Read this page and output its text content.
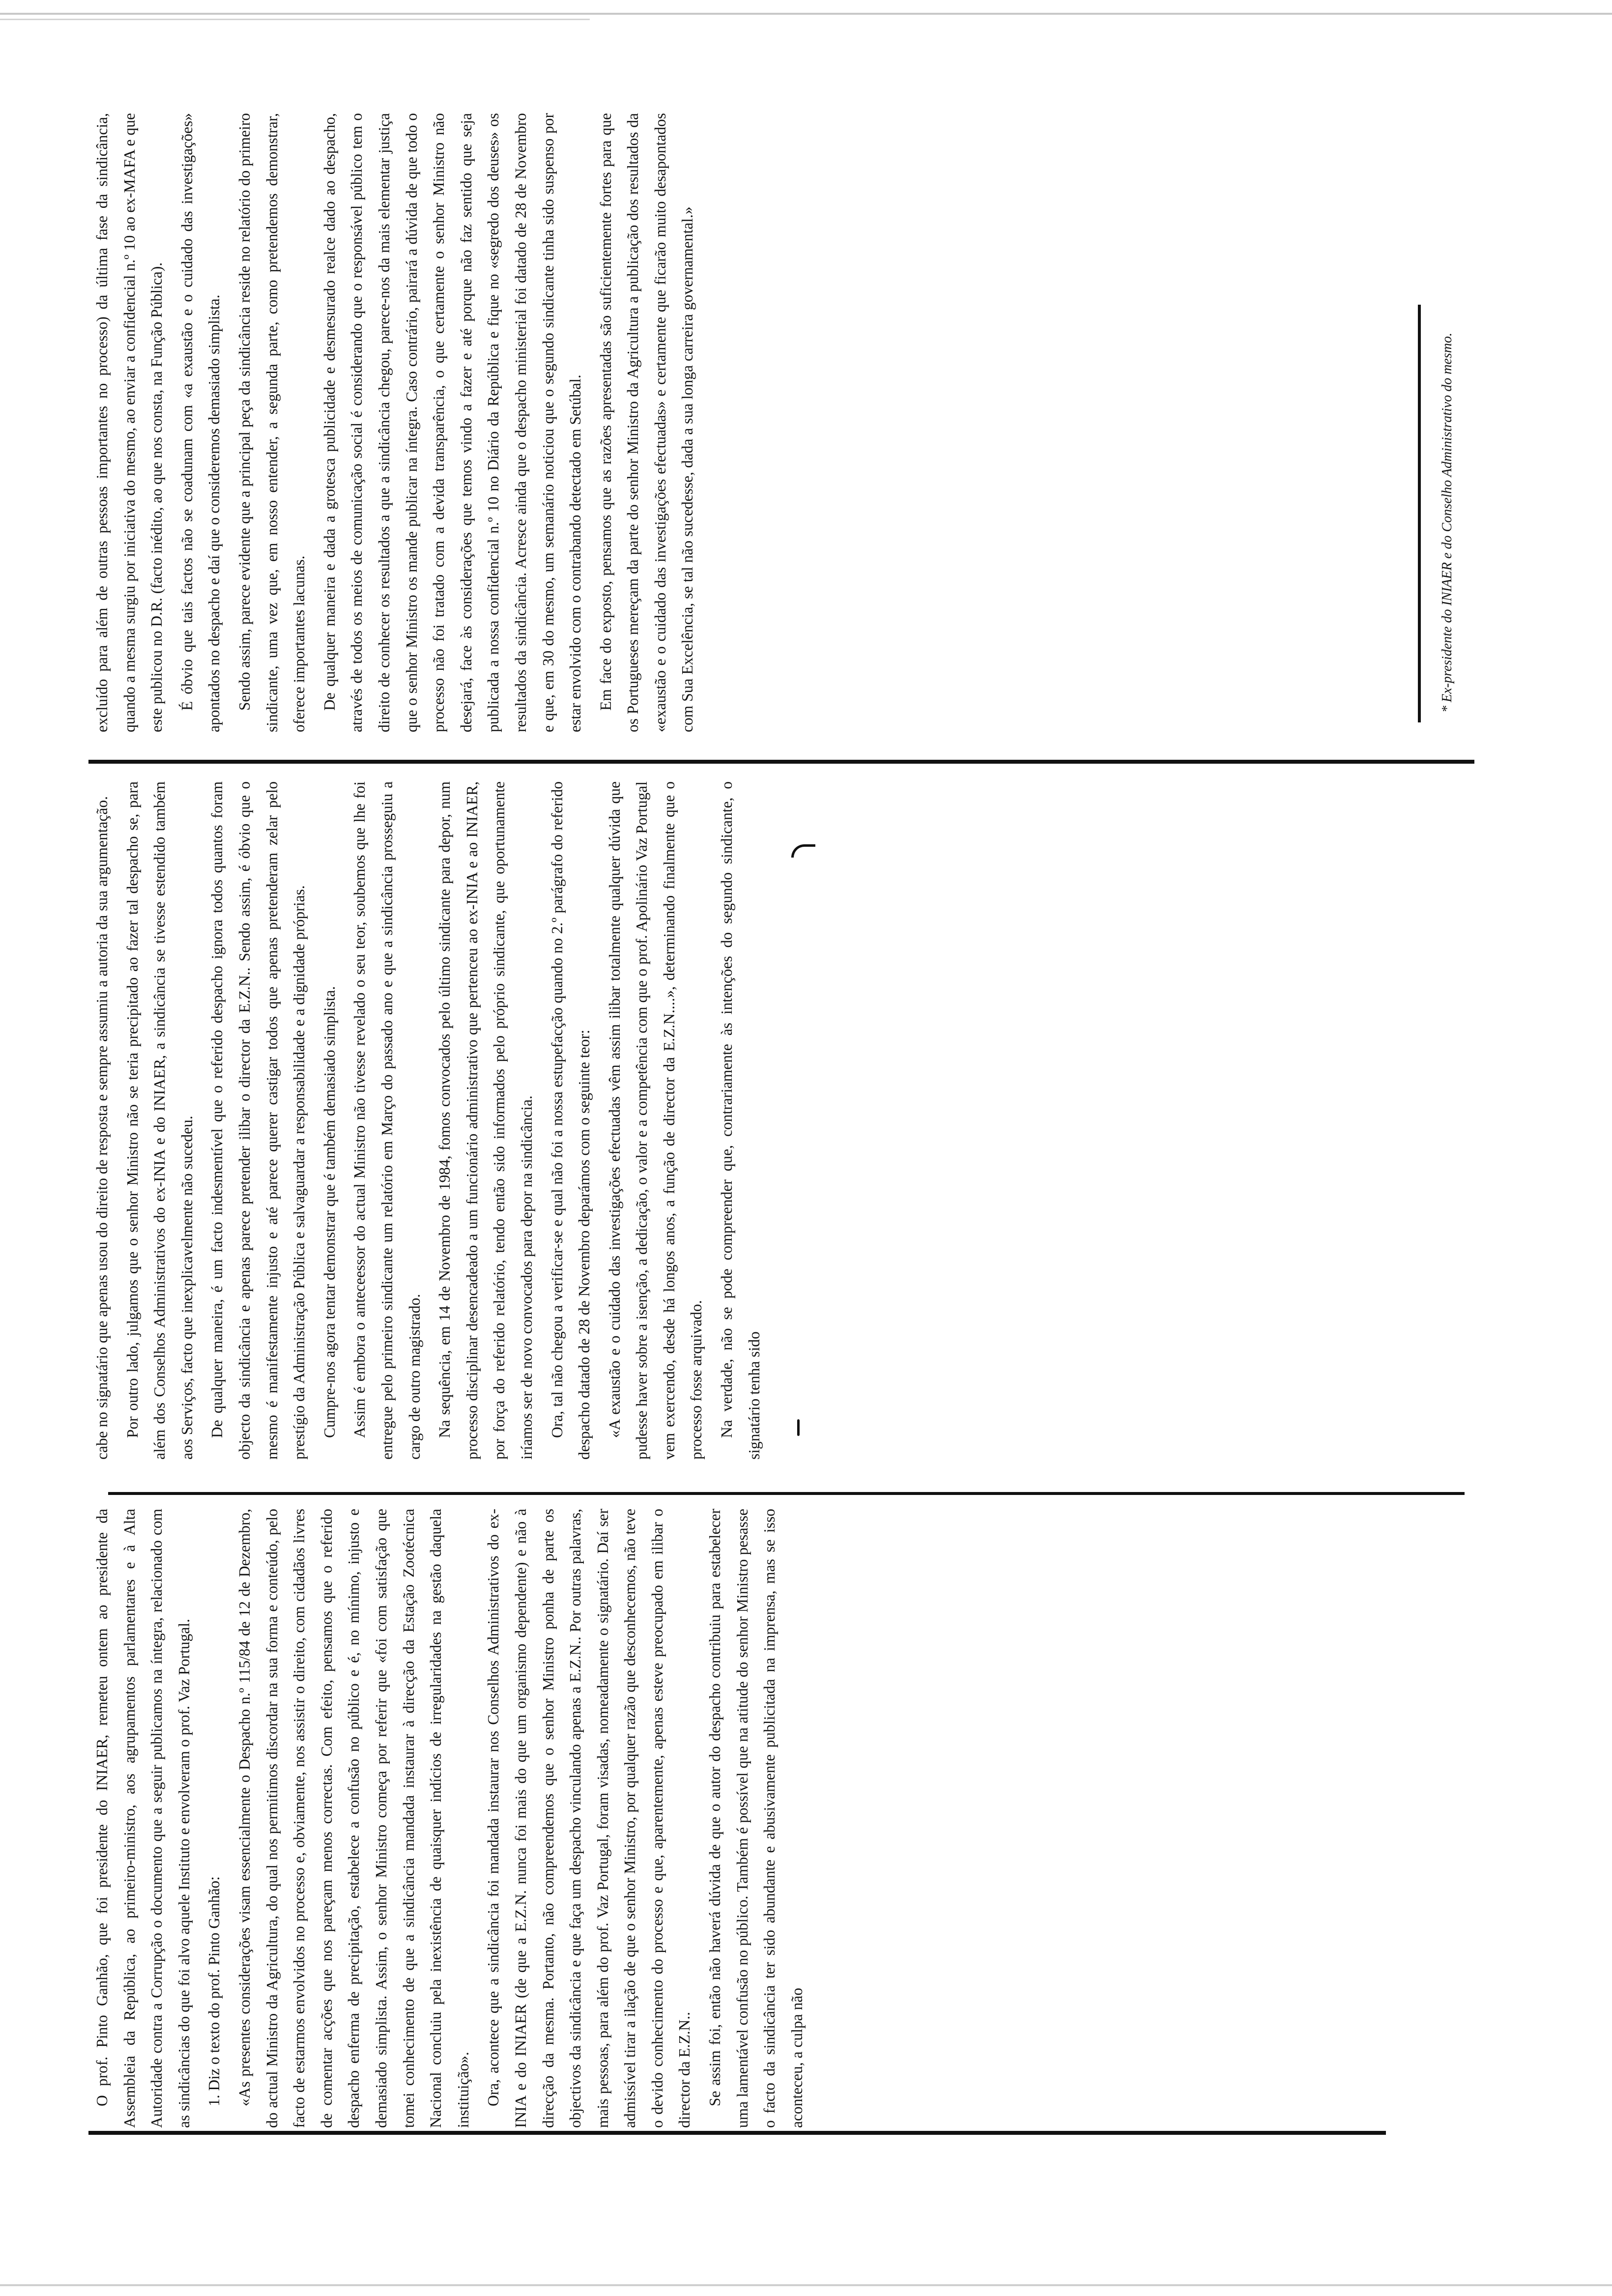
O prof. Pinto Ganhão, que foi presidente do INIAER, remeteu ontem ao presidente da Assembleia da República, ao primeiro-ministro, aos agrupamentos parlamentares e à Alta Autoridade contra a Corrupção o documento que a seguir publicamos na íntegra, relacionado com as sindicâncias do que foi alvo aquele Instituto e envolveram o prof. Vaz Portugal. 1. Diz o texto do prof. Pinto Ganhão: «As presentes considerações visam essencialmente o Despacho n.º 115/84 de 12 de Dezembro, do actual Ministro da Agricultura, do qual nos permitimos discordar na sua forma e conteúdo, pelo facto de estarmos envolvidos no processo e, obviamente, nos assistir o direito, com cidadãos livres de comentar acções que nos pareçam menos correctas. Com efeito, pensamos que o referido despacho enferma de precipitação, estabelece a confusão no público e é, no mínimo, injusto e demasiado simplista. Assim, o senhor Ministro começa por referir que «foi com satisfação que tomei conhecimento de que a sindicância mandada instaurar à direcção da Estação Zootécnica Nacional concluiu pela inexistência de quaisquer indícios de irregularidades na gestão daquela instituição». Ora, acontece que a sindicância foi mandada instaurar nos Conselhos Administrativos do ex-INIA e do INIAER (de que a E.Z.N. nunca foi mais do que um organismo dependente) e não à direcção da mesma. Portanto, não compreendemos que o senhor Ministro ponha de parte os objectivos da sindicância e que faça um despacho vinculando apenas a E.Z.N.. Por outras palavras, mais pessoas, para além do prof. Vaz Portugal, foram visadas, nomeadamente o signatário. Daí ser admissível tirar a ilação de que o senhor Ministro, por qualquer razão que desconhecemos, não teve o devido conhecimento do processo e que, aparentemente, apenas esteve preocupado em ilibar o director da E.Z.N.. Se assim foi, então não haverá dúvida de que o autor do despacho contribuiu para estabelecer uma lamentável confusão no público. Também é possível que na atitude do senhor Ministro pesasse o facto da sindicância ter sido abundante e abusivamente publicitada na imprensa, mas se isso aconteceu, a culpa não

cabe no signatário que apenas usou do direito de resposta e sempre assumiu a autoria da sua argumentação. Por outro lado, julgamos que o senhor Ministro não se teria precipitado ao fazer tal despacho se, para além dos Conselhos Administrativos do ex-INIA e do INIAER, a sindicância se tivesse estendido também aos Serviços, facto que inexplicavelmente não sucedeu. De qualquer maneira, é um facto indesmentível que o referido despacho ignora todos quantos foram objecto da sindicância e apenas parece pretender ilibar o director da E.Z.N.. Sendo assim, é óbvio que o mesmo é manifestamente injusto e até parece querer castigar todos que apenas pretenderam zelar pelo prestígio da Administração Pública e salvaguardar a responsabilidade e a dignidade próprias. Cumpre-nos agora tentar demonstrar que é também demasiado simplista. Assim é embora o anteceessor do actual Ministro não tivesse revelado o seu teor, soubemos que lhe foi entregue pelo primeiro sindicante um relatório em Março do passado ano e que a sindicância prosseguiu a cargo de outro magistrado. Na sequência, em 14 de Novembro de 1984, fomos convocados pelo último sindicante para depor, num processo disciplinar desencadeado a um funcionário administrativo que pertenceu ao ex-INIA e ao INIAER, por força do referido relatório, tendo então sido informados pelo próprio sindicante, que oportunamente iríamos ser de novo convocados para depor na sindicância. Ora, tal não chegou a verificar-se e qual não foi a nossa estupefacção quando no 2.º parágrafo do referido despacho datado de 28 de Novembro deparámos com o seguinte teor: «A exaustão e o cuidado das investigações efectuadas vêm assim ilibar totalmente qualquer dúvida que pudesse haver sobre a isenção, a dedicação, o valor e a competência com que o prof. Apolinário Vaz Portugal vem exercendo, desde há longos anos, a função de director da E.Z.N....», determinando finalmente que o processo fosse arquivado. Na verdade, não se pode compreender que, contrariamente às intenções do segundo sindicante, o signatário tenha sido

excluído para além de outras pessoas importantes no processo) da última fase da sindicância, quando a mesma surgiu por iniciativa do mesmo, ao enviar a confidencial n.º 10 ao ex-MAFA e que este publicou no D.R. (facto inédito, ao que nos consta, na Função Pública). É óbvio que tais factos não se coadunam com «a exaustão e o cuidado das investigações» apontados no despacho e daí que o consideremos demasiado simplista. Sendo assim, parece evidente que a principal peça da sindicância reside no relatório do primeiro sindicante, uma vez que, em nosso entender, a segunda parte, como pretendemos demonstrar, oferece importantes lacunas. De qualquer maneira e dada a grotesca publicidade e desmesurado realce dado ao despacho, através de todos os meios de comunicação social é considerando que o responsável público tem o direito de conhecer os resultados a que a sindicância chegou, parece-nos da mais elementar justiça que o senhor Ministro os mande publicar na íntegra. Caso contrário, pairará a dúvida de que todo o processo não foi tratado com a devida transparência, o que certamente o senhor Ministro não desejará, face às considerações que temos vindo a fazer e até porque não faz sentido que seja publicada a nossa confidencial n.º 10 no Diário da República e fique no «segredo dos deuses» os resultados da sindicância. Acresce ainda que o despacho ministerial foi datado de 28 de Novembro e que, em 30 do mesmo, um semanário noticiou que o segundo sindicante tinha sido suspenso por estar envolvido com o contrabando detectado em Setúbal. Em face do exposto, pensamos que as razões apresentadas são suficientemente fortes para que os Portugueses mereçam da parte do senhor Ministro da Agricultura a publicação dos resultados da «exaustão e o cuidado das investigações efectuadas» e certamente que ficarão muito desapontados com Sua Excelência, se tal não sucedesse, dada a sua longa carreira governamental.»	* Ex-presidente do INIAER e do Conselho Administrativo do mesmo.
